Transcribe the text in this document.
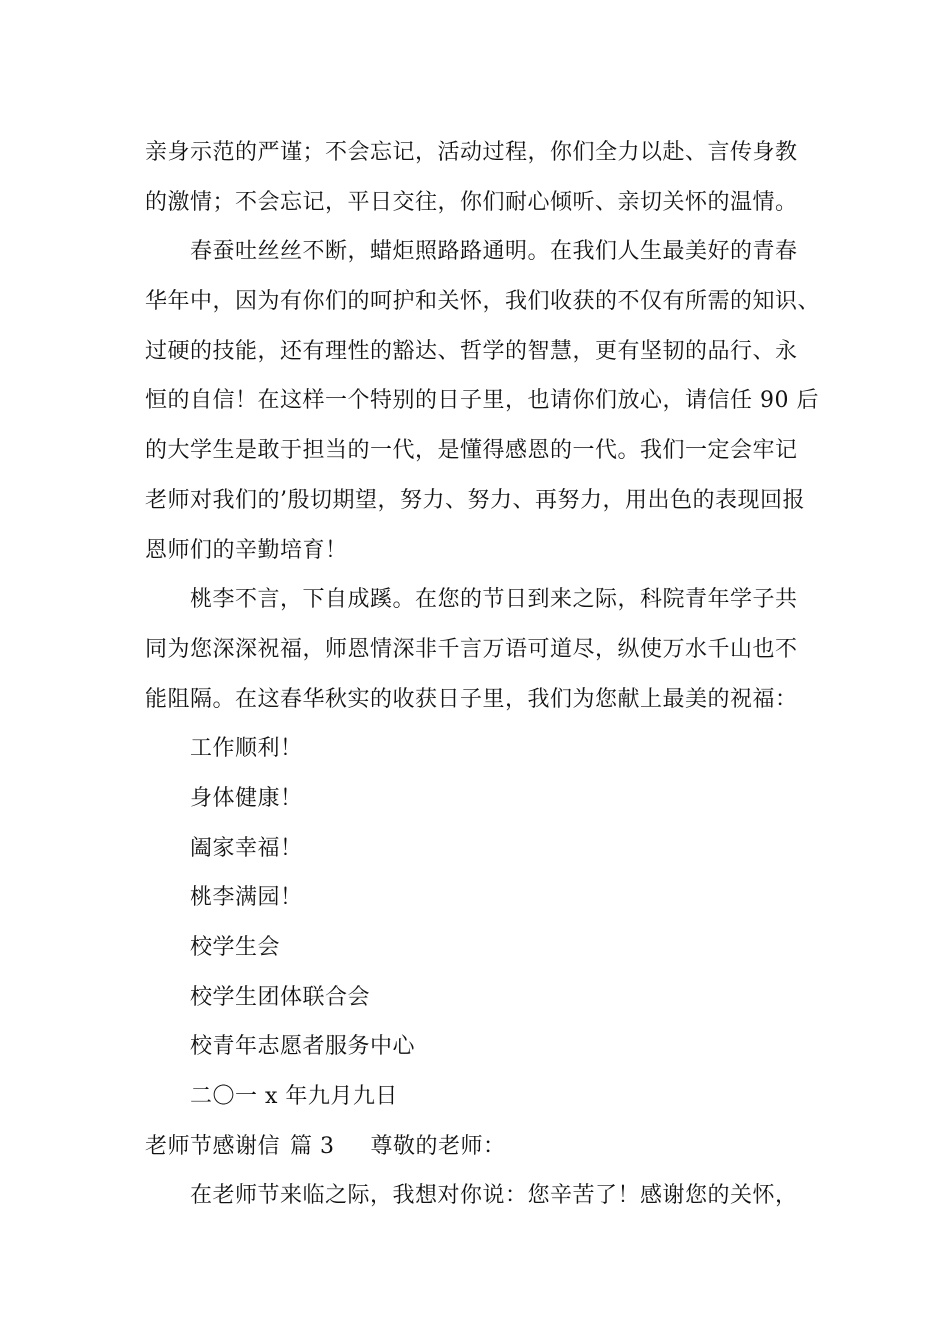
亲身示范的严谨；不会忘记，活动过程，你们全力以赴、言传身教
的激情；不会忘记，平日交往，你们耐心倾听、亲切关怀的温情。
春蚕吐丝丝不断，蜡炬照路路通明。在我们人生最美好的青春
华年中，因为有你们的呵护和关怀，我们收获的不仅有所需的知识、
过硬的技能，还有理性的豁达、哲学的智慧，更有坚韧的品行、永
恒的自信！在这样一个特别的日子里，也请你们放心，请信任 90 后
的大学生是敢于担当的一代，是懂得感恩的一代。我们一定会牢记
老师对我们的’殷切期望，努力、努力、再努力，用出色的表现回报
恩师们的辛勤培育！
桃李不言，下自成蹊。在您的节日到来之际，科院青年学子共
同为您深深祝福，师恩情深非千言万语可道尽，纵使万水千山也不
能阻隔。在这春华秋实的收获日子里，我们为您献上最美的祝福：
工作顺利！
身体健康！
阖家幸福！
桃李满园！
校学生会
校学生团体联合会
校青年志愿者服务中心
二〇一 x 年九月九日
老师节感谢信 篇 3 尊敬的老师：
在老师节来临之际，我想对你说：您辛苦了！感谢您的关怀，
